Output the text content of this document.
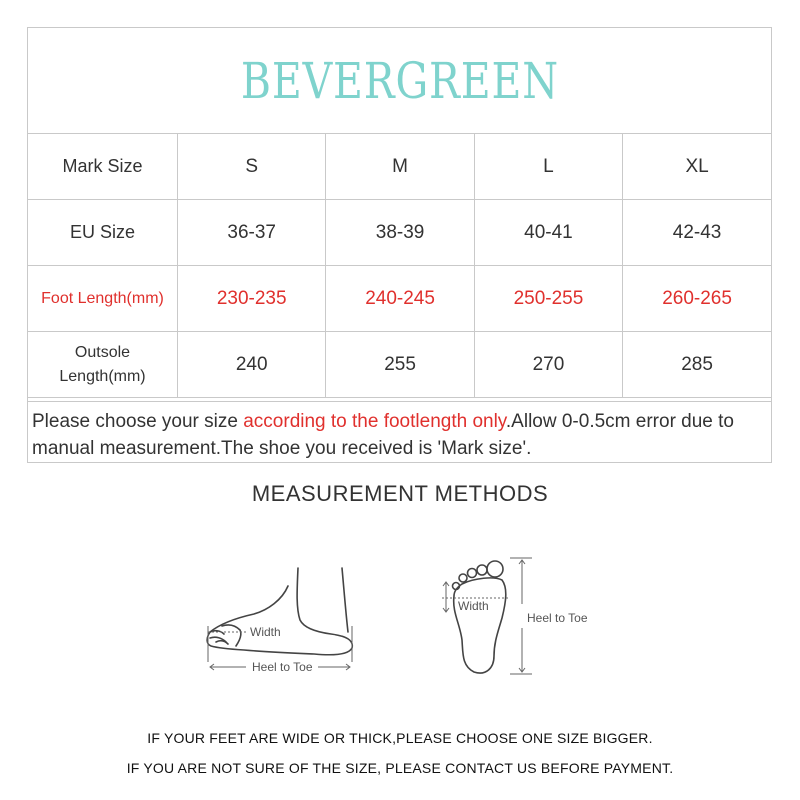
BEVERGREEN
Mark Size	S	M	L	XL
EU Size	36-37	38-39	40-41	42-43
Foot Length(mm)	230-235	240-245	250-255	260-265

Outsole
Length(mm)	240	255	270	285
Please choose your size according to the footlength only.Allow 0-0.5cm error due to manual measurement.The shoe you received is 'Mark size'.
MEASUREMENT METHODS
Width
Heel to Toe
Width
Heel to Toe
IF YOUR FEET ARE WIDE OR THICK,PLEASE CHOOSE ONE SIZE BIGGER.
IF YOU ARE NOT SURE OF THE SIZE, PLEASE CONTACT US BEFORE PAYMENT.
